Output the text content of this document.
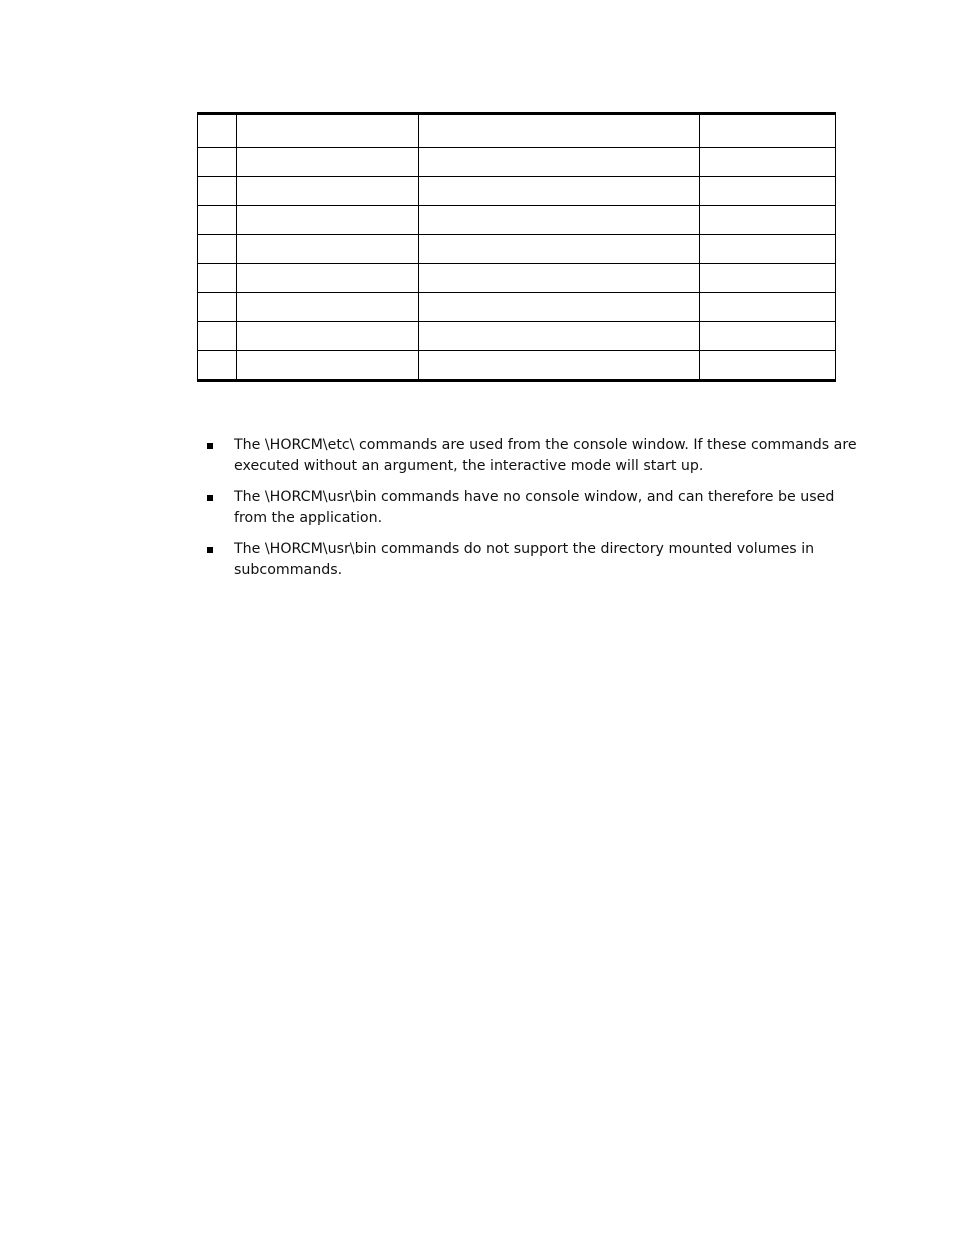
The \HORCM\etc\ commands are used from the console window. If these commands are executed without an argument, the interactive mode will start up.
The \HORCM\usr\bin commands have no console window, and can therefore be used from the application.
The \HORCM\usr\bin commands do not support the directory mounted volumes in subcommands.
